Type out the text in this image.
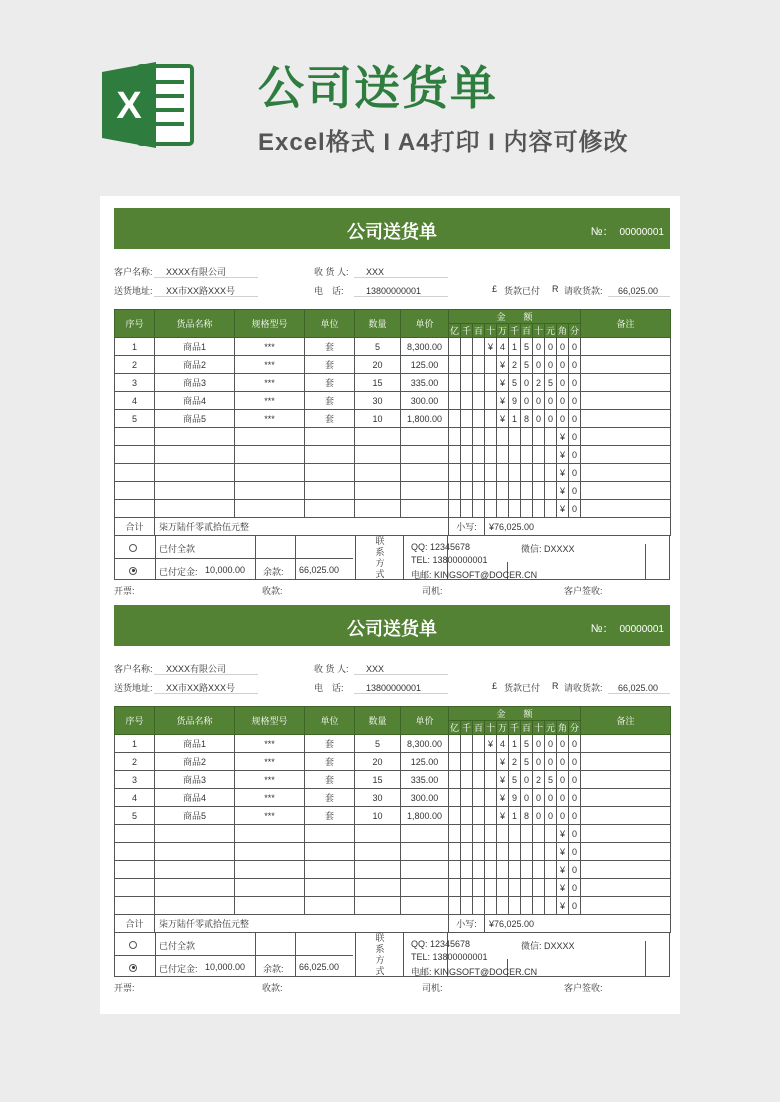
X	公司送货单
Excel格式 I A4打印 I 内容可修改
公司送货单	№： 00000001
客户名称: XXXX有限公司
送货地址: XX市XX路XXX号
收 货 人: XXX
电　话: 13800000001	£ 货款已付 R 请收货款: 66,025.00
序号	货品名称	规格型号	单位	数量	单价	金　　额											备注
						亿	千	百	十	万	千	百	十	元	角	分	
1	商品1	***	套	5	8,300.00				¥	4	1	5	0	0	0	0	
2	商品2	***	套	20	125.00					¥	2	5	0	0	0	0	
3	商品3	***	套	15	335.00					¥	5	0	2	5	0	0	
4	商品4	***	套	30	300.00					¥	9	0	0	0	0	0	
5	商品5	***	套	10	1,800.00					¥	1	8	0	0	0	0	
															¥	0	
															¥	0	
															¥	0	
															¥	0	
															¥	0	
合计	柒万陆仟零贰拾伍元整					小写:			¥76,025.00								
已付全款
已付定金: 10,000.00 余款: 66,025.00
联
系
方
式
QQ: 12345678	微信: DXXXX
TEL: 13800000001
电邮: KINGSOFT@DOCER.CN
开票:	收款:	司机:	客户签收:
公司送货单	№： 00000001
客户名称: XXXX有限公司
送货地址: XX市XX路XXX号
收 货 人: XXX
电　话: 13800000001	£ 货款已付 R 请收货款: 66,025.00
序号	货品名称	规格型号	单位	数量	单价	金　　额											备注
						亿	千	百	十	万	千	百	十	元	角	分	
1	商品1	***	套	5	8,300.00				¥	4	1	5	0	0	0	0	
2	商品2	***	套	20	125.00					¥	2	5	0	0	0	0	
3	商品3	***	套	15	335.00					¥	5	0	2	5	0	0	
4	商品4	***	套	30	300.00					¥	9	0	0	0	0	0	
5	商品5	***	套	10	1,800.00					¥	1	8	0	0	0	0	
															¥	0	
															¥	0	
															¥	0	
															¥	0	
															¥	0	
合计	柒万陆仟零贰拾伍元整					小写:			¥76,025.00								
已付全款
已付定金: 10,000.00 余款: 66,025.00
联
系
方
式
QQ: 12345678	微信: DXXXX
TEL: 13800000001
电邮: KINGSOFT@DOCER.CN
开票:	收款:	司机:	客户签收:
